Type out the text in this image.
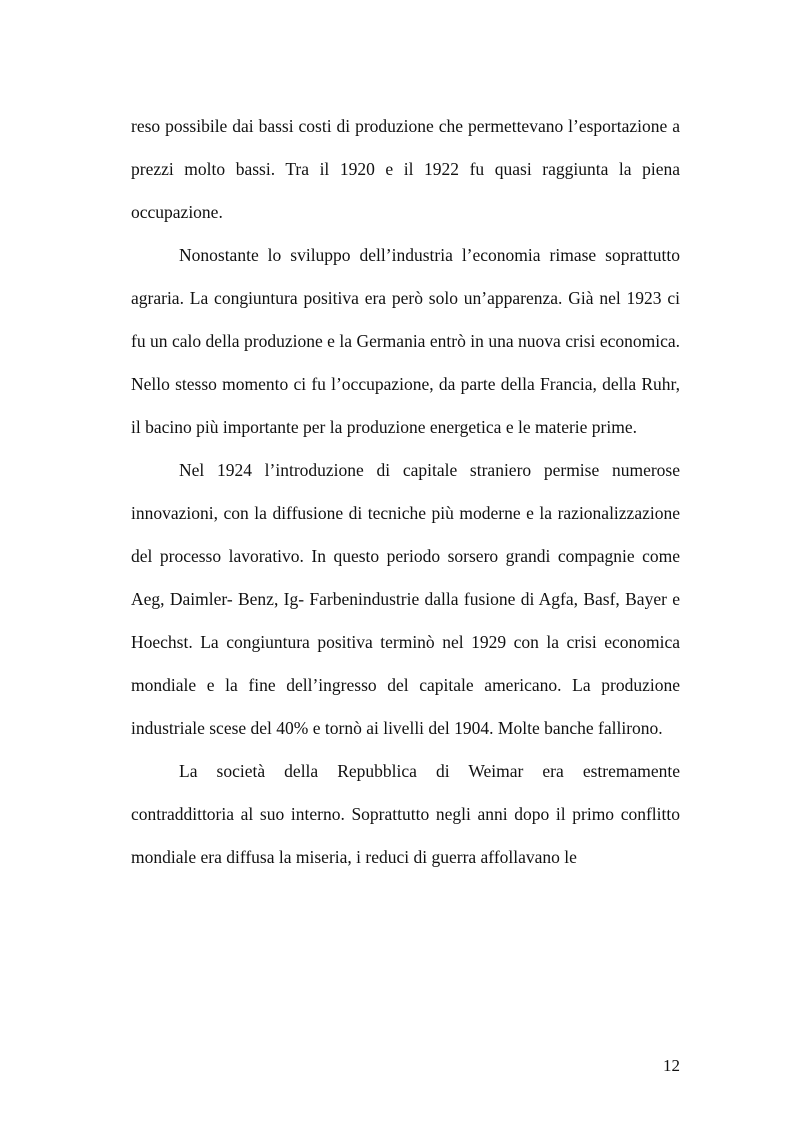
reso possibile dai bassi costi di produzione che permettevano l’esportazione a prezzi molto bassi. Tra il 1920 e il 1922 fu quasi raggiunta la piena occupazione.

Nonostante lo sviluppo dell’industria l’economia rimase soprattutto agraria. La congiuntura positiva era però solo un’apparenza. Già nel 1923 ci fu un calo della produzione e la Germania entrò in una nuova crisi economica. Nello stesso momento ci fu l’occupazione, da parte della Francia, della Ruhr, il bacino più importante per la produzione energetica e le materie prime.

Nel 1924 l’introduzione di capitale straniero permise numerose innovazioni, con la diffusione di tecniche più moderne e la razionalizzazione del processo lavorativo. In questo periodo sorsero grandi compagnie come Aeg, Daimler- Benz, Ig- Farbenindustrie dalla fusione di Agfa, Basf, Bayer e Hoechst. La congiuntura positiva terminò nel 1929 con la crisi economica mondiale e la fine dell’ingresso del capitale americano. La produzione industriale scese del 40% e tornò ai livelli del 1904. Molte banche fallirono.

La società della Repubblica di Weimar era estremamente contraddittoria al suo interno. Soprattutto negli anni dopo il primo conflitto mondiale era diffusa la miseria, i reduci di guerra affollavano le

12
